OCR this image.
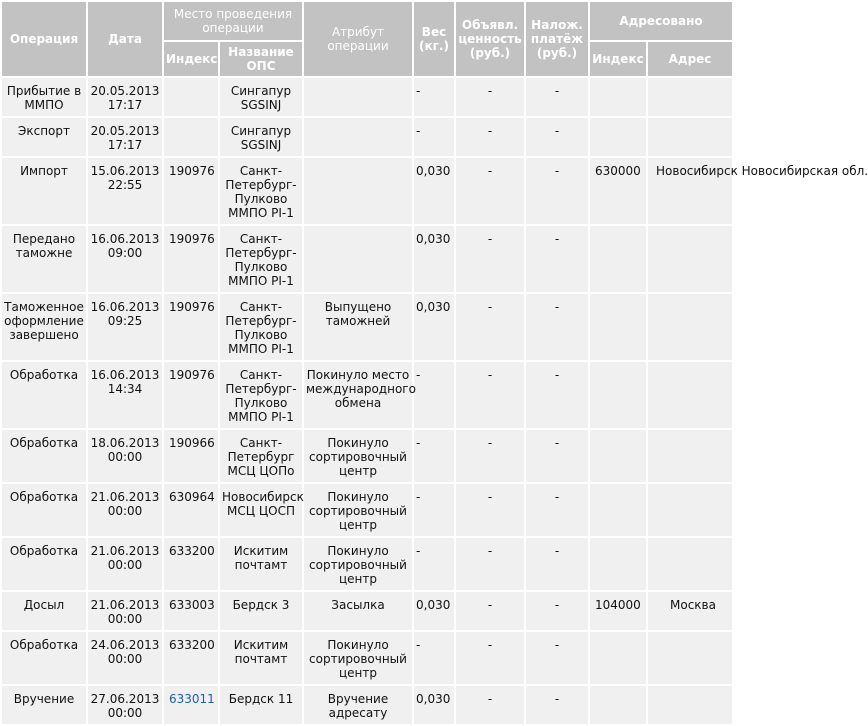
Операция	Дата	Место проведения операции		Атрибут операции	Вес (кг.)	Объявл. ценность (руб.)	Налож. платёж (руб.)	Адресовано	
		Индекс	Название ОПС					Индекс	Адрес
Прибытие в ММПО	20.05.2013 17:17		Сингапур SGSINJ		-	-	-		
Экспорт	20.05.2013 17:17		Сингапур SGSINJ		-	-	-		
Импорт	15.06.2013 22:55	190976	Санкт-Петербург-Пулково ММПО PI-1		0,030	-	-	630000	Новосибирск Новосибирская обл.
Передано таможне	16.06.2013 09:00	190976	Санкт-Петербург-Пулково ММПО PI-1		0,030	-	-		
Таможенное оформление завершено	16.06.2013 09:25	190976	Санкт-Петербург-Пулково ММПО PI-1	Выпущено таможней	0,030	-	-		
Обработка	16.06.2013 14:34	190976	Санкт-Петербург-Пулково ММПО PI-1	Покинуло место международного обмена	-	-	-		
Обработка	18.06.2013 00:00	190966	Санкт-Петербург МСЦ ЦОПо	Покинуло сортировочный центр	-	-	-		
Обработка	21.06.2013 00:00	630964	Новосибирск МСЦ ЦОСП	Покинуло сортировочный центр	-	-	-		
Обработка	21.06.2013 00:00	633200	Искитим почтамт	Покинуло сортировочный центр	-	-	-		
Досыл	21.06.2013 00:00	633003	Бердск 3	Засылка	0,030	-	-	104000	Москва
Обработка	24.06.2013 00:00	633200	Искитим почтамт	Покинуло сортировочный центр	-	-	-		
Вручение	27.06.2013 00:00	633011	Бердск 11	Вручение адресату	0,030	-	-		
